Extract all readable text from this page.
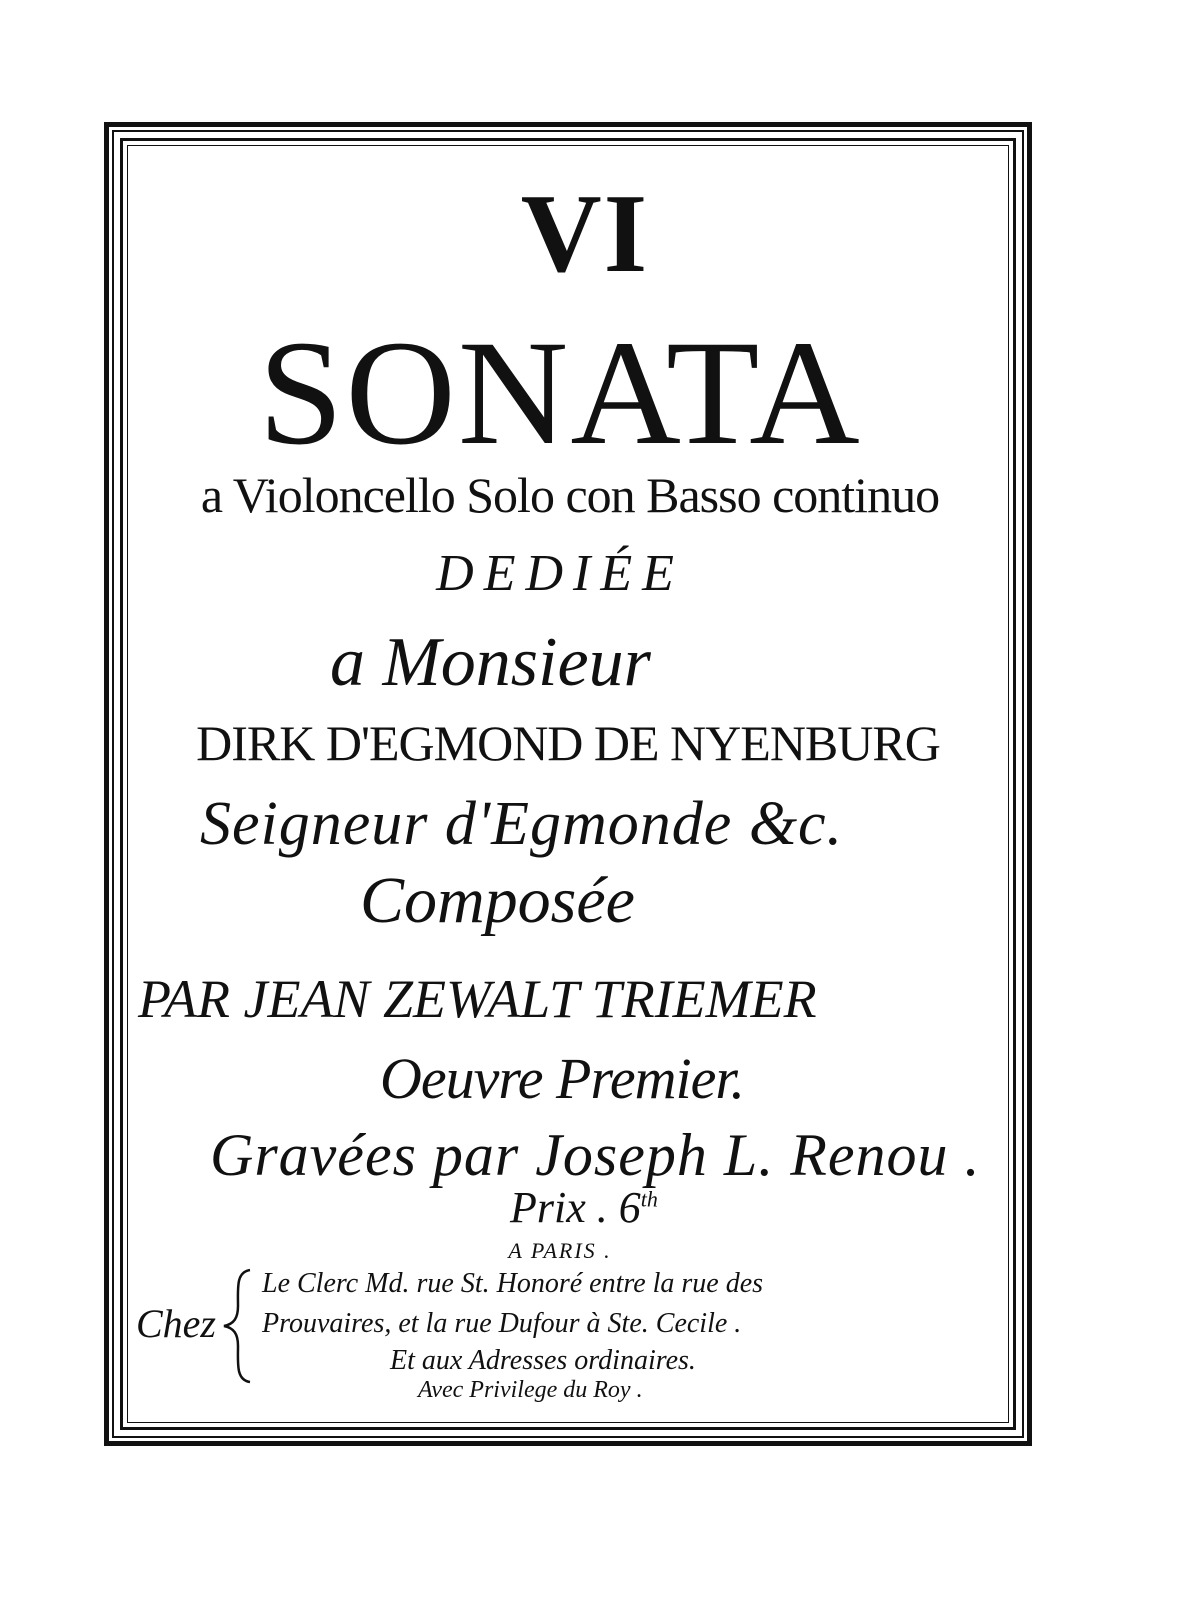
VI
SONATA
a Violoncello Solo con Basso continuo
DEDIÉE
a Monsieur
DIRK D'EGMOND DE NYENBURG
Seigneur d'Egmonde &c.
Composée
PAR JEAN ZEWALT TRIEMER
Oeuvre Premier.
Gravées par Joseph L. Renou .
Prix . 6th
A PARIS .
Chez
Le Clerc Md. rue St. Honoré entre la rue des
Prouvaires, et la rue Dufour à Ste. Cecile .
Et aux Adresses ordinaires.
Avec Privilege du Roy .
